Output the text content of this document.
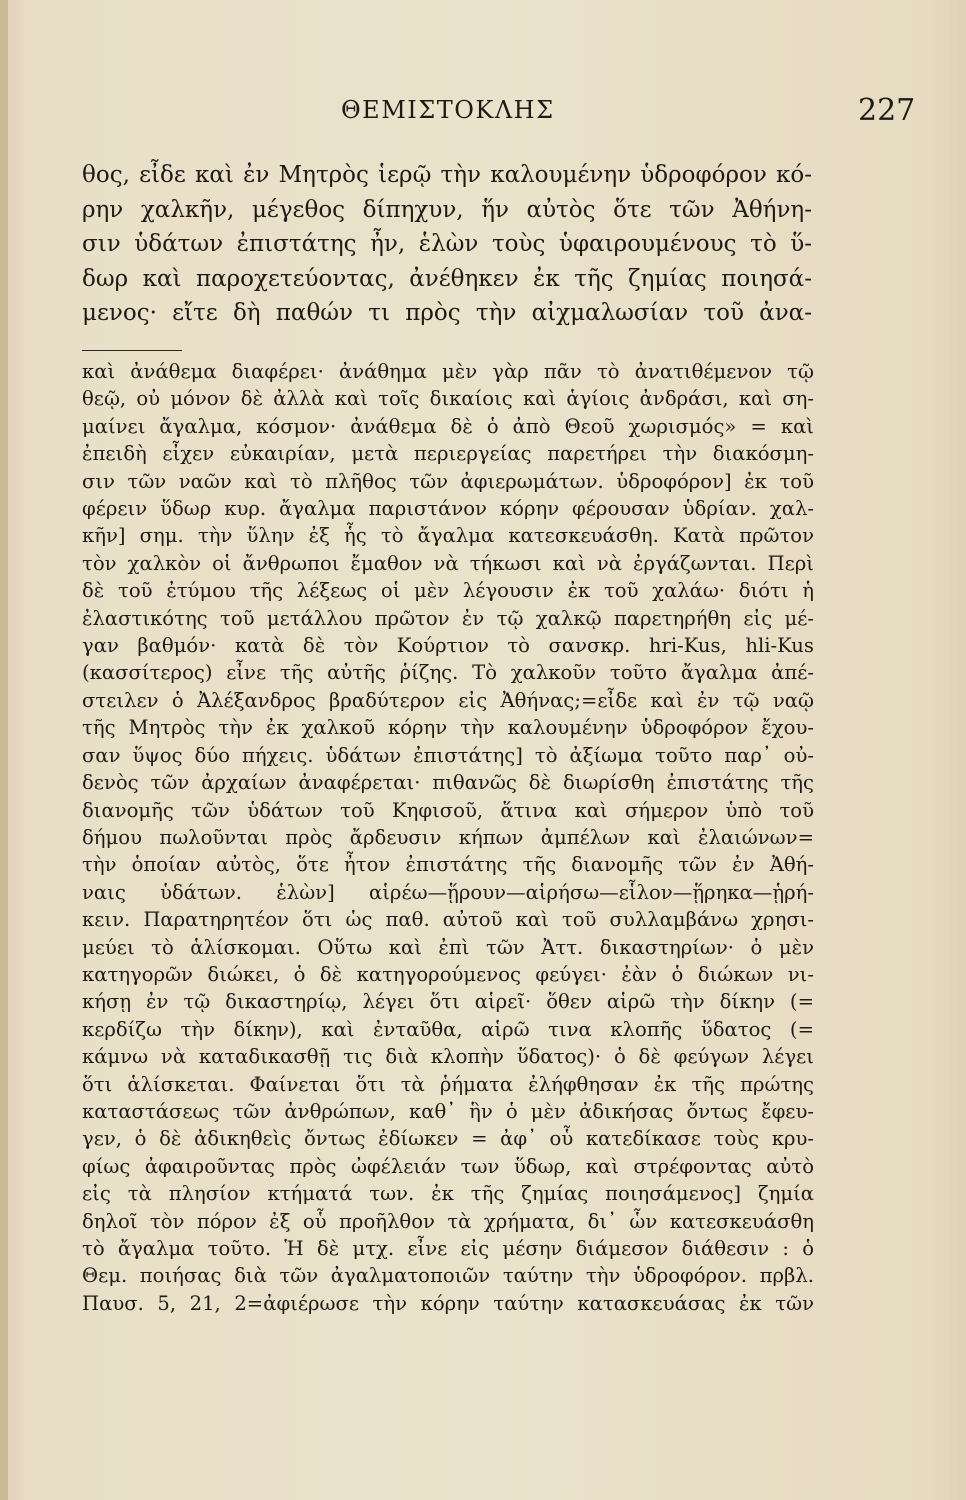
ΘΕΜΙΣΤΟΚΛΗΣ	227
θος, εἶδε καὶ ἐν Μητρὸς ἱερῷ τὴν καλουμένην ὑδροφόρον κό-
ρην χαλκῆν, μέγεθος δίπηχυν, ἥν αὐτὸς ὅτε τῶν Ἀθήνη-
σιν ὑδάτων ἐπιστάτης ἦν, ἑλὼν τοὺς ὑφαιρουμένους τὸ ὕ-
δωρ καὶ παροχετεύοντας, ἀνέθηκεν ἐκ τῆς ζημίας ποιησά-
μενος· εἴτε δὴ παθών τι πρὸς τὴν αἰχμαλωσίαν τοῦ ἀνα-
καὶ ἀνάθεμα διαφέρει· ἀνάθημα μὲν γὰρ πᾶν τὸ ἀνατιθέμενον τῷ
θεῷ, οὐ μόνον δὲ ἀλλὰ καὶ τοῖς δικαίοις καὶ ἁγίοις ἀνδράσι, καὶ ση-
μαίνει ἄγαλμα, κόσμον· ἀνάθεμα δὲ ὁ ἀπὸ Θεοῦ χωρισμός» = καὶ
ἐπειδὴ εἶχεν εὐκαιρίαν, μετὰ περιεργείας παρετήρει τὴν διακόσμη-
σιν τῶν ναῶν καὶ τὸ πλῆθος τῶν ἀφιερωμάτων. ὑδροφόρον] ἐκ τοῦ
φέρειν ὕδωρ κυρ. ἄγαλμα παριστάνον κόρην φέρουσαν ὑδρίαν. χαλ-
κῆν] σημ. τὴν ὕλην ἐξ ἧς τὸ ἄγαλμα κατεσκευάσθη. Κατὰ πρῶτον
τὸν χαλκὸν οἱ ἄνθρωποι ἔμαθον νὰ τήκωσι καὶ νὰ ἐργάζωνται. Περὶ
δὲ τοῦ ἐτύμου τῆς λέξεως οἱ μὲν λέγουσιν ἐκ τοῦ χαλάω· διότι ἡ
ἐλαστικότης τοῦ μετάλλου πρῶτον ἐν τῷ χαλκῷ παρετηρήθη εἰς μέ-
γαν βαθμόν· κατὰ δὲ τὸν Κούρτιον τὸ σανσκρ. hri-Kus, hli-Kus
(κασσίτερος) εἶνε τῆς αὐτῆς ῥίζης. Τὸ χαλκοῦν τοῦτο ἄγαλμα ἀπέ-
στειλεν ὁ Ἀλέξανδρος βραδύτερον εἰς Ἀθήνας;=εἶδε καὶ ἐν τῷ ναῷ
τῆς Μητρὸς τὴν ἐκ χαλκοῦ κόρην τὴν καλουμένην ὑδροφόρον ἔχου-
σαν ὕψος δύο πήχεις. ὑδάτων ἐπιστάτης] τὸ ἀξίωμα τοῦτο παρ᾽ οὐ-
δενὸς τῶν ἀρχαίων ἀναφέρεται· πιθανῶς δὲ διωρίσθη ἐπιστάτης τῆς
διανομῆς τῶν ὑδάτων τοῦ Κηφισοῦ, ἅτινα καὶ σήμερον ὑπὸ τοῦ
δήμου πωλοῦνται πρὸς ἄρδευσιν κήπων ἀμπέλων καὶ ἐλαιώνων=
τὴν ὁποίαν αὐτὸς, ὅτε ἦτον ἐπιστάτης τῆς διανομῆς τῶν ἐν Ἀθή-
ναις ὑδάτων. ἑλὼν] αἱρέω—ᾕρουν—αἱρήσω—εἷλον—ᾕρηκα—ᾑρή-
κειν. Παρατηρητέον ὅτι ὡς παθ. αὐτοῦ καὶ τοῦ συλλαμβάνω χρησι-
μεύει τὸ ἁλίσκομαι. Οὕτω καὶ ἐπὶ τῶν Ἀττ. δικαστηρίων· ὁ μὲν
κατηγορῶν διώκει, ὁ δὲ κατηγορούμενος φεύγει· ἐὰν ὁ διώκων νι-
κήσῃ ἐν τῷ δικαστηρίῳ, λέγει ὅτι αἱρεῖ· ὅθεν αἱρῶ τὴν δίκην (=
κερδίζω τὴν δίκην), καὶ ἐνταῦθα, αἱρῶ τινα κλοπῆς ὕδατος (=
κάμνω νὰ καταδικασθῇ τις διὰ κλοπὴν ὕδατος)· ὁ δὲ φεύγων λέγει
ὅτι ἁλίσκεται. Φαίνεται ὅτι τὰ ῥήματα ἐλήφθησαν ἐκ τῆς πρώτης
καταστάσεως τῶν ἀνθρώπων, καθ᾽ ἣν ὁ μὲν ἀδικήσας ὄντως ἔφευ-
γεν, ὁ δὲ ἀδικηθεὶς ὄντως ἐδίωκεν = ἀφ᾽ οὗ κατεδίκασε τοὺς κρυ-
φίως ἀφαιροῦντας πρὸς ὠφέλειάν των ὕδωρ, καὶ στρέφοντας αὐτὸ
εἰς τὰ πλησίον κτήματά των. ἐκ τῆς ζημίας ποιησάμενος] ζημία
δηλοῖ τὸν πόρον ἐξ οὗ προῆλθον τὰ χρήματα, δι᾽ ὧν κατεσκευάσθη
τὸ ἄγαλμα τοῦτο. Ἡ δὲ μτχ. εἶνε εἰς μέσην διάμεσον διάθεσιν : ὁ
Θεμ. ποιήσας διὰ τῶν ἀγαλματοποιῶν ταύτην τὴν ὑδροφόρον. πρβλ.
Παυσ. 5, 21, 2=ἀφιέρωσε τὴν κόρην ταύτην κατασκευάσας ἐκ τῶν
